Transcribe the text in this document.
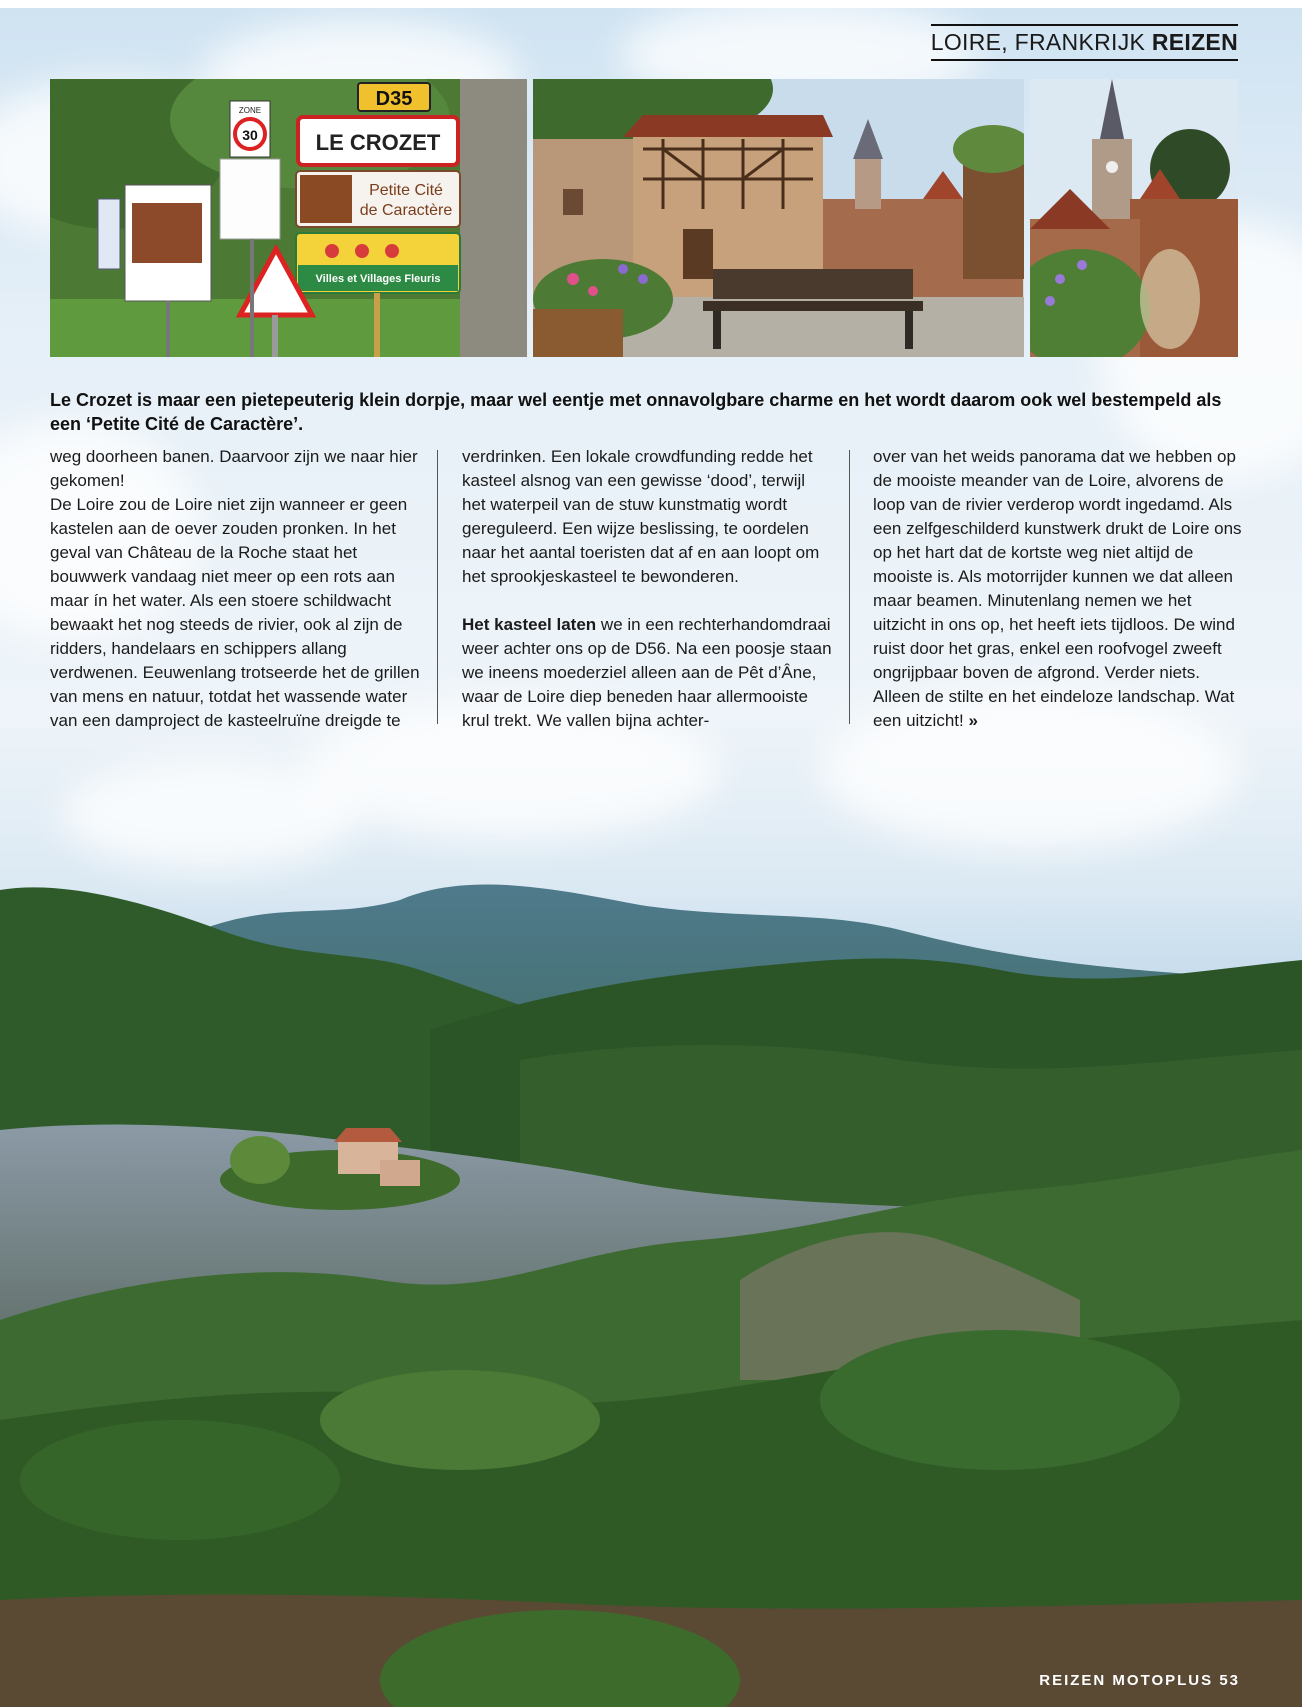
LOIRE, FRANKRIJK REIZEN
D35
ZONE
30	LE CROZET
Petite Cité
de Caractère
Villes et Villages Fleuris

Le Crozet is maar een pietepeuterig klein dorpje, maar wel eentje met onnavolgbare charme en het wordt daarom ook wel bestempeld als een ‘Petite Cité de Caractère’.

weg doorheen banen. Daarvoor zijn we naar hier gekomen!

De Loire zou de Loire niet zijn wanneer er geen kastelen aan de oever zouden pronken. In het geval van Château de la Roche staat het bouwwerk vandaag niet meer op een rots aan maar ín het water. Als een stoere schildwacht bewaakt het nog steeds de rivier, ook al zijn de ridders, handelaars en schippers allang verdwenen. Eeuwenlang trotseerde het de grillen van mens en natuur, totdat het wassende water van een damproject de kasteelruïne dreigde te

verdrinken. Een lokale crowdfunding redde het kasteel alsnog van een gewisse ‘dood’, terwijl het waterpeil van de stuw kunstmatig wordt gereguleerd. Een wijze beslissing, te oordelen naar het aantal toeristen dat af en aan loopt om het sprookjeskasteel te bewonderen.

Het kasteel laten we in een rechterhandomdraai weer achter ons op de D56. Na een poosje staan we ineens moederziel alleen aan de Pêt d’Âne, waar de Loire diep beneden haar allermooiste krul trekt. We vallen bijna achter-

over van het weids panorama dat we hebben op de mooiste meander van de Loire, alvorens de loop van de rivier verderop wordt ingedamd. Als een zelfgeschilderd kunstwerk drukt de Loire ons op het hart dat de kortste weg niet altijd de mooiste is. Als motorrijder kunnen we dat alleen maar beamen. Minutenlang nemen we het uitzicht in ons op, het heeft iets tijdloos. De wind ruist door het gras, enkel een roofvogel zweeft ongrijpbaar boven de afgrond. Verder niets. Alleen de stilte en het eindeloze landschap. Wat een uitzicht! »

REIZEN MOTOPLUS 53
